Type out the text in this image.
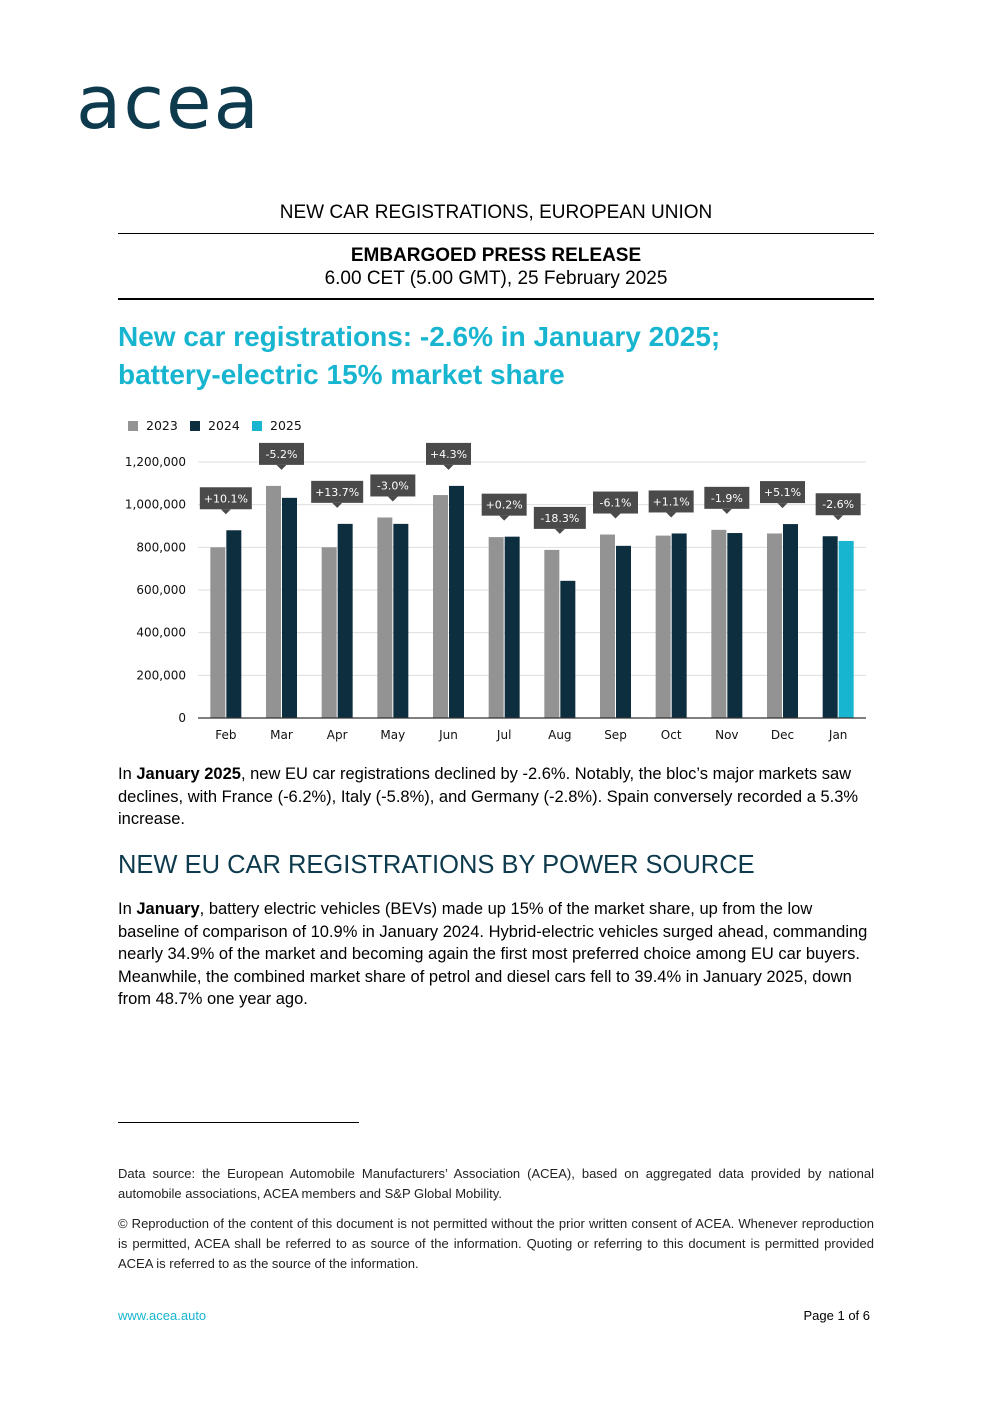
acea
NEW CAR REGISTRATIONS, EUROPEAN UNION
EMBARGOED PRESS RELEASE
6.00 CET (5.00 GMT), 25 February 2025
New car registrations: -2.6% in January 2025;
battery-electric 15% market share
2023 2024 2025
0
200,000
400,000
600,000
800,000
1,000,000
1,200,000
+10.1%
Feb
-5.2%
Mar
+13.7%
Apr
-3.0%
May
+4.3%
Jun
+0.2%
Jul
-18.3%
Aug
-6.1%
Sep
+1.1%
Oct
-1.9%
Nov
+5.1%
Dec
-2.6%
Jan
In January 2025, new EU car registrations declined by -2.6%. Notably, the bloc’s major markets saw declines, with France (-6.2%), Italy (-5.8%), and Germany (-2.8%). Spain conversely recorded a 5.3% increase.
NEW EU CAR REGISTRATIONS BY POWER SOURCE
In January, battery electric vehicles (BEVs) made up 15% of the market share, up from the low baseline of comparison of 10.9% in January 2024. Hybrid-electric vehicles surged ahead, commanding nearly 34.9% of the market and becoming again the first most preferred choice among EU car buyers. Meanwhile, the combined market share of petrol and diesel cars fell to 39.4% in January 2025, down from 48.7% one year ago.
Data source: the European Automobile Manufacturers’ Association (ACEA), based on aggregated data provided by national automobile associations, ACEA members and S&P Global Mobility.
© Reproduction of the content of this document is not permitted without the prior written consent of ACEA. Whenever reproduction is permitted, ACEA shall be referred to as source of the information. Quoting or referring to this document is permitted provided ACEA is referred to as the source of the information.
www.acea.auto	Page 1 of 6
